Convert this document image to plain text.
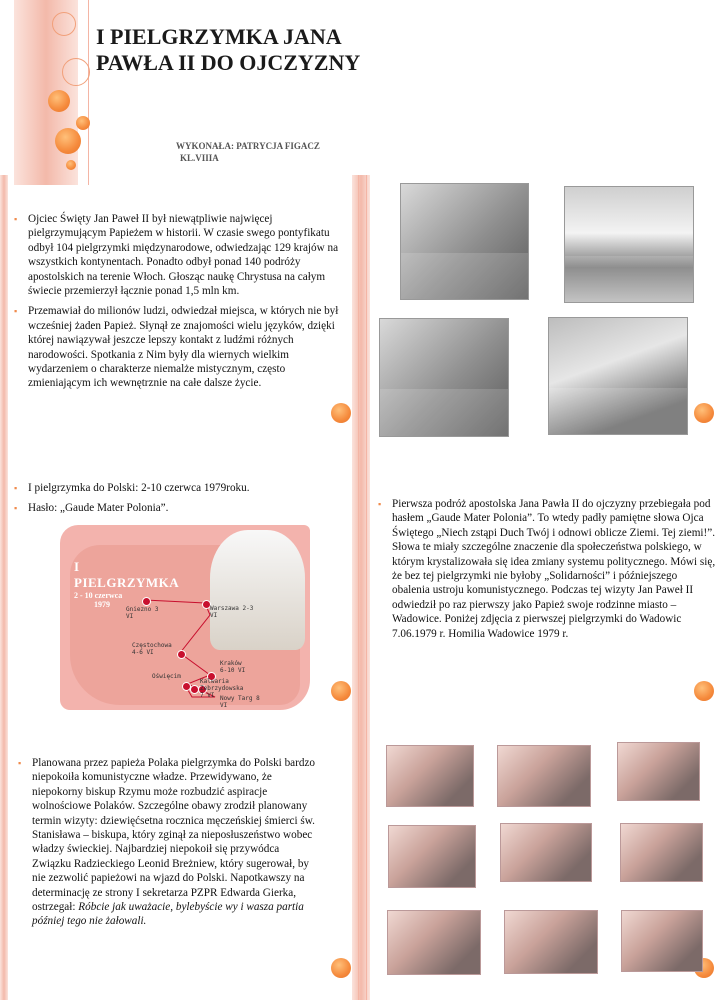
I PIELGRZYMKA JANA PAWŁA II DO OJCZYZNY
WYKONAŁA: PATRYCJA FIGACZ
KL.VIIIA
▪ Ojciec Święty Jan Paweł II był niewątpliwie najwięcej pielgrzymującym Papieżem w historii. W czasie swego pontyfikatu odbył 104 pielgrzymki międzynarodowe, odwiedzając 129 krajów na wszystkich kontynentach. Ponadto odbył ponad 140 podróży apostolskich na terenie Włoch. Głosząc naukę Chrystusa na całym świecie przemierzył łącznie ponad 1,5 mln km.
▪ Przemawiał do milionów ludzi, odwiedzał miejsca, w których nie był wcześniej żaden Papież. Słynął ze znajomości wielu języków, dzięki której nawiązywał jeszcze lepszy kontakt z ludźmi różnych narodowości. Spotkania z Nim były dla wiernych wielkim wydarzeniem o charakterze niemalże mistycznym, często zmieniającym ich wewnętrznie na całe dalsze życie.
▪ I pielgrzymka do Polski: 2-10 czerwca 1979roku.
▪ Hasło: „Gaude Mater Polonia”.
I PIELGRZYMKA
2 - 10 czerwca
1979
Gniezno 3 VI
Warszawa 2-3 VI
Częstochowa 4-6 VI
Kraków 6-10 VI
Oświęcim
Kalwaria Zebrzydowska 7 VI Nowy Targ 8 VI
▪ Pierwsza podróż apostolska Jana Pawła II do ojczyzny przebiegała pod hasłem „Gaude Mater Polonia”. To wtedy padły pamiętne słowa Ojca Świętego „Niech zstąpi Duch Twój i odnowi oblicze Ziemi. Tej ziemi!”. Słowa te miały szczególne znaczenie dla społeczeństwa polskiego, w którym krystalizowała się idea zmiany systemu politycznego. Mówi się, że bez tej pielgrzymki nie byłoby „Solidarności” i późniejszego obalenia ustroju komunistycznego. Podczas tej wizyty Jan Paweł II odwiedził po raz pierwszy jako Papież swoje rodzinne miasto – Wadowice. Poniżej zdjęcia z pierwszej pielgrzymki do Wadowic 7.06.1979 r. Homilia Wadowice 1979 r.
▪ Planowana przez papieża Polaka pielgrzymka do Polski bardzo niepokoiła komunistyczne władze. Przewidywano, że niepokorny biskup Rzymu może rozbudzić aspiracje wolnościowe Polaków. Szczególne obawy zrodził planowany termin wizyty: dziewięćsetna rocznica męczeńskiej śmierci św. Stanisława – biskupa, który zginął za nieposłuszeństwo wobec władzy świeckiej. Najbardziej niepokoił się przywódca Związku Radzieckiego Leonid Breżniew, który sugerował, by nie zezwolić papieżowi na wjazd do Polski. Napotkawszy na determinację ze strony I sekretarza PZPR Edwarda Gierka, ostrzegał: Róbcie jak uważacie, bylebyście wy i wasza partia później tego nie żałowali.
